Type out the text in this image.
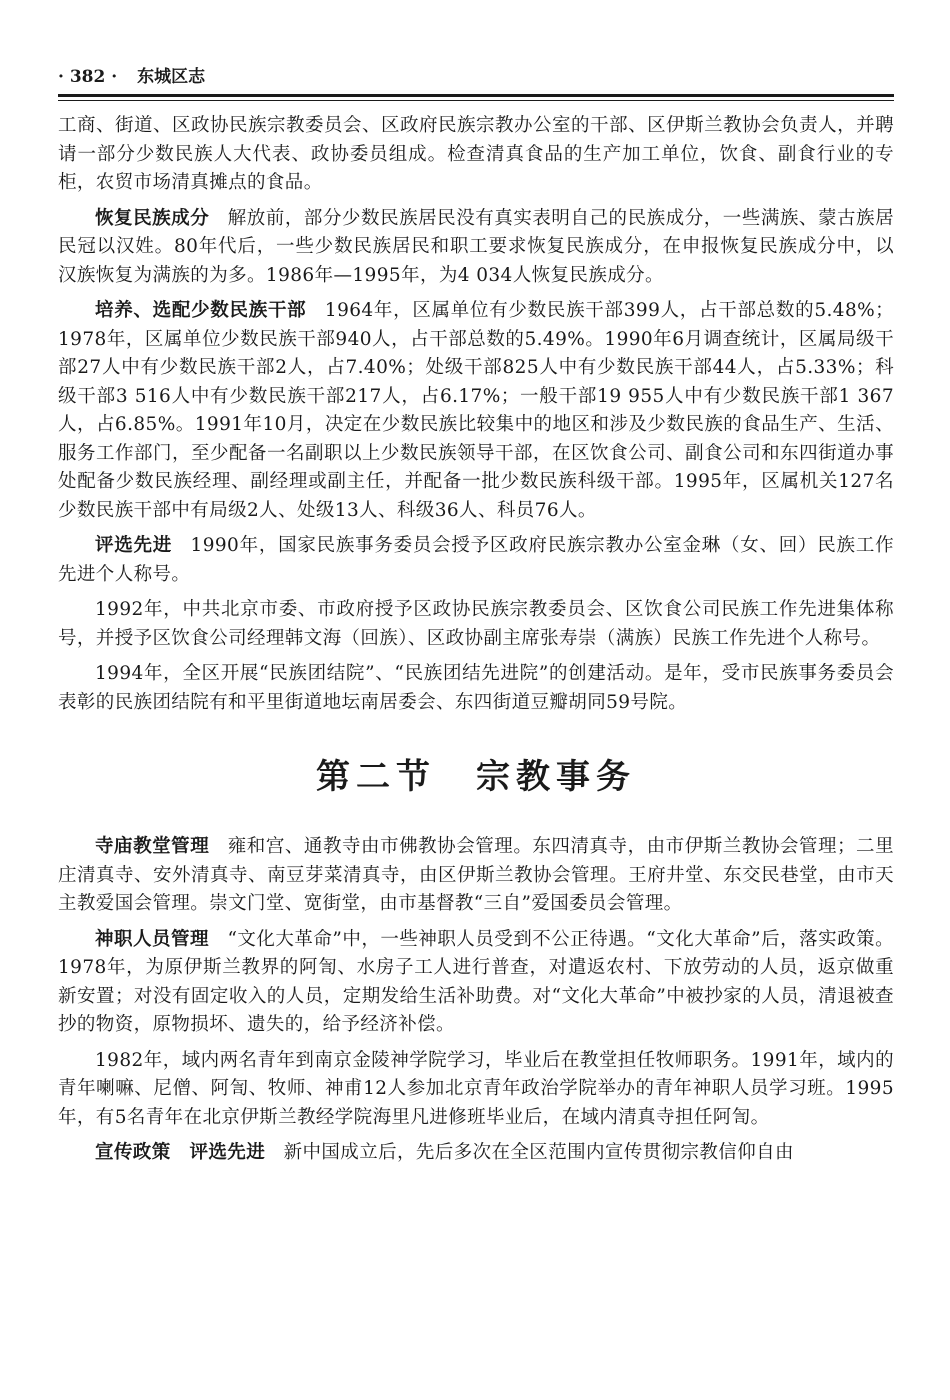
· 382 · 东城区志

工商、街道、区政协民族宗教委员会、区政府民族宗教办公室的干部、区伊斯兰教协会负责人，并聘请一部分少数民族人大代表、政协委员组成。检查清真食品的生产加工单位，饮食、副食行业的专柜，农贸市场清真摊点的食品。

恢复民族成分 解放前，部分少数民族居民没有真实表明自己的民族成分，一些满族、蒙古族居民冠以汉姓。80年代后，一些少数民族居民和职工要求恢复民族成分，在申报恢复民族成分中，以汉族恢复为满族的为多。1986年—1995年，为4 034人恢复民族成分。

培养、选配少数民族干部 1964年，区属单位有少数民族干部399人，占干部总数的5.48%；1978年，区属单位少数民族干部940人，占干部总数的5.49%。1990年6月调查统计，区属局级干部27人中有少数民族干部2人，占7.40%；处级干部825人中有少数民族干部44人，占5.33%；科级干部3 516人中有少数民族干部217人，占6.17%；一般干部19 955人中有少数民族干部1 367人，占6.85%。1991年10月，决定在少数民族比较集中的地区和涉及少数民族的食品生产、生活、服务工作部门，至少配备一名副职以上少数民族领导干部，在区饮食公司、副食公司和东四街道办事处配备少数民族经理、副经理或副主任，并配备一批少数民族科级干部。1995年，区属机关127名少数民族干部中有局级2人、处级13人、科级36人、科员76人。

评选先进 1990年，国家民族事务委员会授予区政府民族宗教办公室金琳（女、回）民族工作先进个人称号。

1992年，中共北京市委、市政府授予区政协民族宗教委员会、区饮食公司民族工作先进集体称号，并授予区饮食公司经理韩文海（回族）、区政协副主席张寿崇（满族）民族工作先进个人称号。

1994年，全区开展“民族团结院”、“民族团结先进院”的创建活动。是年，受市民族事务委员会表彰的民族团结院有和平里街道地坛南居委会、东四街道豆瓣胡同59号院。

第二节　宗教事务

寺庙教堂管理 雍和宫、通教寺由市佛教协会管理。东四清真寺，由市伊斯兰教协会管理；二里庄清真寺、安外清真寺、南豆芽菜清真寺，由区伊斯兰教协会管理。王府井堂、东交民巷堂，由市天主教爱国会管理。崇文门堂、宽街堂，由市基督教“三自”爱国委员会管理。

神职人员管理 “文化大革命”中，一些神职人员受到不公正待遇。“文化大革命”后，落实政策。1978年，为原伊斯兰教界的阿訇、水房子工人进行普查，对遣返农村、下放劳动的人员，返京做重新安置；对没有固定收入的人员，定期发给生活补助费。对“文化大革命”中被抄家的人员，清退被查抄的物资，原物损坏、遗失的，给予经济补偿。

1982年，域内两名青年到南京金陵神学院学习，毕业后在教堂担任牧师职务。1991年，域内的青年喇嘛、尼僧、阿訇、牧师、神甫12人参加北京青年政治学院举办的青年神职人员学习班。1995年，有5名青年在北京伊斯兰教经学院海里凡进修班毕业后，在域内清真寺担任阿訇。

宣传政策　评选先进 新中国成立后，先后多次在全区范围内宣传贯彻宗教信仰自由
